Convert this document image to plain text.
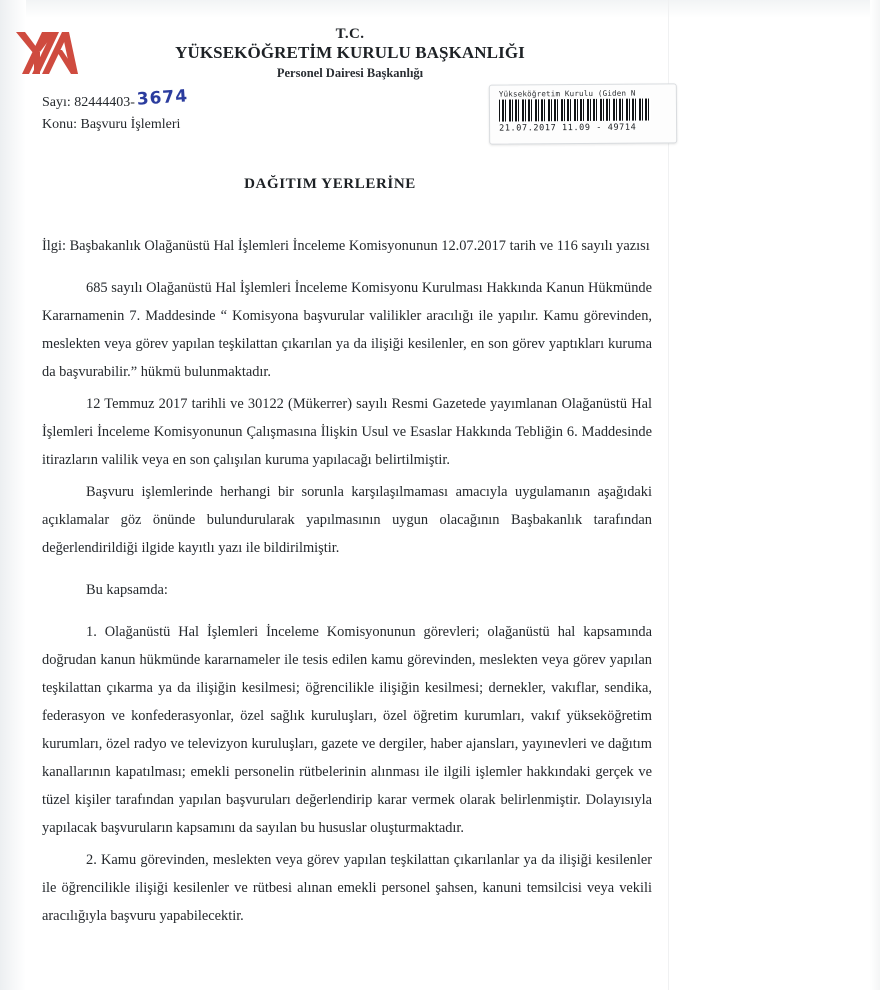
T.C.
YÜKSEKÖĞRETİM KURULU BAŞKANLIĞI
Personel Dairesi Başkanlığı
Sayı: 82444403-3674
Konu: Başvuru İşlemleri
Yükseköğretim Kurulu (Giden N
21.07.2017 11.09 - 49714
DAĞITIM YERLERİNE

İlgi: Başbakanlık Olağanüstü Hal İşlemleri İnceleme Komisyonunun 12.07.2017 tarih ve 116 sayılı yazısı

685 sayılı Olağanüstü Hal İşlemleri İnceleme Komisyonu Kurulması Hakkında Kanun Hükmünde Kararnamenin 7. Maddesinde “ Komisyona başvurular valilikler aracılığı ile yapılır. Kamu görevinden, meslekten veya görev yapılan teşkilattan çıkarılan ya da ilişiği kesilenler, en son görev yaptıkları kuruma da başvurabilir.” hükmü bulunmaktadır.

12 Temmuz 2017 tarihli ve 30122 (Mükerrer) sayılı Resmi Gazetede yayımlanan Olağanüstü Hal İşlemleri İnceleme Komisyonunun Çalışmasına İlişkin Usul ve Esaslar Hakkında Tebliğin 6. Maddesinde itirazların valilik veya en son çalışılan kuruma yapılacağı belirtilmiştir.

Başvuru işlemlerinde herhangi bir sorunla karşılaşılmaması amacıyla uygulamanın aşağıdaki açıklamalar göz önünde bulundurularak yapılmasının uygun olacağının Başbakanlık tarafından değerlendirildiği ilgide kayıtlı yazı ile bildirilmiştir.

Bu kapsamda:

1. Olağanüstü Hal İşlemleri İnceleme Komisyonunun görevleri; olağanüstü hal kapsamında doğrudan kanun hükmünde kararnameler ile tesis edilen kamu görevinden, meslekten veya görev yapılan teşkilattan çıkarma ya da ilişiğin kesilmesi; öğrencilikle ilişiğin kesilmesi; dernekler, vakıflar, sendika, federasyon ve konfederasyonlar, özel sağlık kuruluşları, özel öğretim kurumları, vakıf yükseköğretim kurumları, özel radyo ve televizyon kuruluşları, gazete ve dergiler, haber ajansları, yayınevleri ve dağıtım kanallarının kapatılması; emekli personelin rütbelerinin alınması ile ilgili işlemler hakkındaki gerçek ve tüzel kişiler tarafından yapılan başvuruları değerlendirip karar vermek olarak belirlenmiştir. Dolayısıyla yapılacak başvuruların kapsamını da sayılan bu hususlar oluşturmaktadır.

2. Kamu görevinden, meslekten veya görev yapılan teşkilattan çıkarılanlar ya da ilişiği kesilenler ile öğrencilikle ilişiği kesilenler ve rütbesi alınan emekli personel şahsen, kanuni temsilcisi veya vekili aracılığıyla başvuru yapabilecektir.
